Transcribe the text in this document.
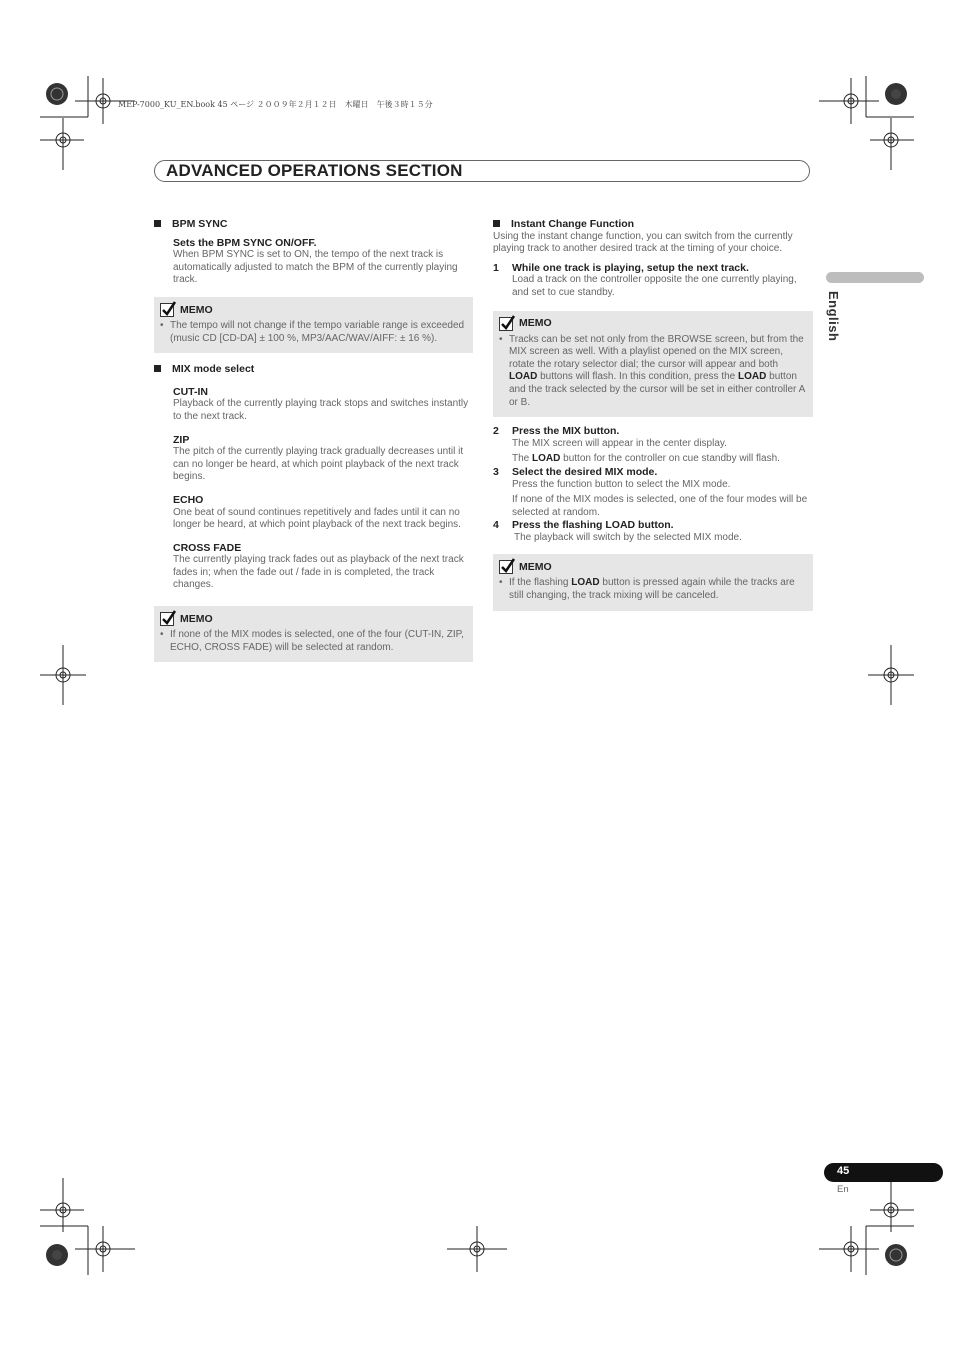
MEP-7000_KU_EN.book 45 ページ ２００９年２月１２日　木曜日　午後３時１５分
ADVANCED OPERATIONS SECTION
English
BPM SYNC
Sets the BPM SYNC ON/OFF.
When BPM SYNC is set to ON, the tempo of the next track is automatically adjusted to match the BPM of the currently playing track.
MEMO
• The tempo will not change if the tempo variable range is exceeded (music CD [CD-DA] ± 100 %, MP3/AAC/WAV/AIFF: ± 16 %).
MIX mode select
CUT-IN
Playback of the currently playing track stops and switches instantly to the next track.
ZIP
The pitch of the currently playing track gradually decreases until it can no longer be heard, at which point playback of the next track begins.
ECHO
One beat of sound continues repetitively and fades until it can no longer be heard, at which point playback of the next track begins.
CROSS FADE
The currently playing track fades out as playback of the next track fades in; when the fade out / fade in is completed, the track changes.
MEMO
• If none of the MIX modes is selected, one of the four (CUT-IN, ZIP, ECHO, CROSS FADE) will be selected at random.
Instant Change Function
Using the instant change function, you can switch from the currently playing track to another desired track at the timing of your choice.
1	While one track is playing, setup the next track.
Load a track on the controller opposite the one currently playing, and set to cue standby.
MEMO
• Tracks can be set not only from the BROWSE screen, but from the MIX screen as well. With a playlist opened on the MIX screen, rotate the rotary selector dial; the cursor will appear and both LOAD buttons will flash. In this condition, press the LOAD button and the track selected by the cursor will be set in either controller A or B.
2	Press the MIX button.
The MIX screen will appear in the center display.
The LOAD button for the controller on cue standby will flash.
3	Select the desired MIX mode.
Press the function button to select the MIX mode.
If none of the MIX modes is selected, one of the four modes will be selected at random.
4	Press the flashing LOAD button.
The playback will switch by the selected MIX mode.
MEMO
• If the flashing LOAD button is pressed again while the tracks are still changing, the track mixing will be canceled.
45
En
